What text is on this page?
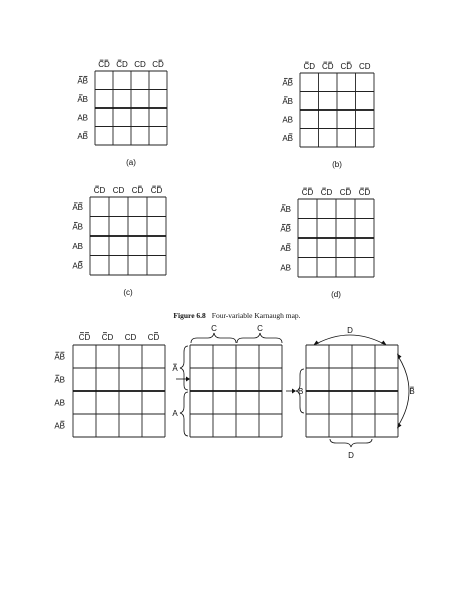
CD CD CD CD
AB
AB
AB
AB
(a)
CD CD CD CD
AB
AB
AB
AB
(b)
CD CD CD CD
AB
AB
AB
AB
(c)
CD CD CD CD
AB
AB
AB
AB
(d)
Figure 6.8 Four-variable Karnaugh map.
CD CD CD CD
AB
AB
AB
AB
C	C
A
A
D
B
B
D
